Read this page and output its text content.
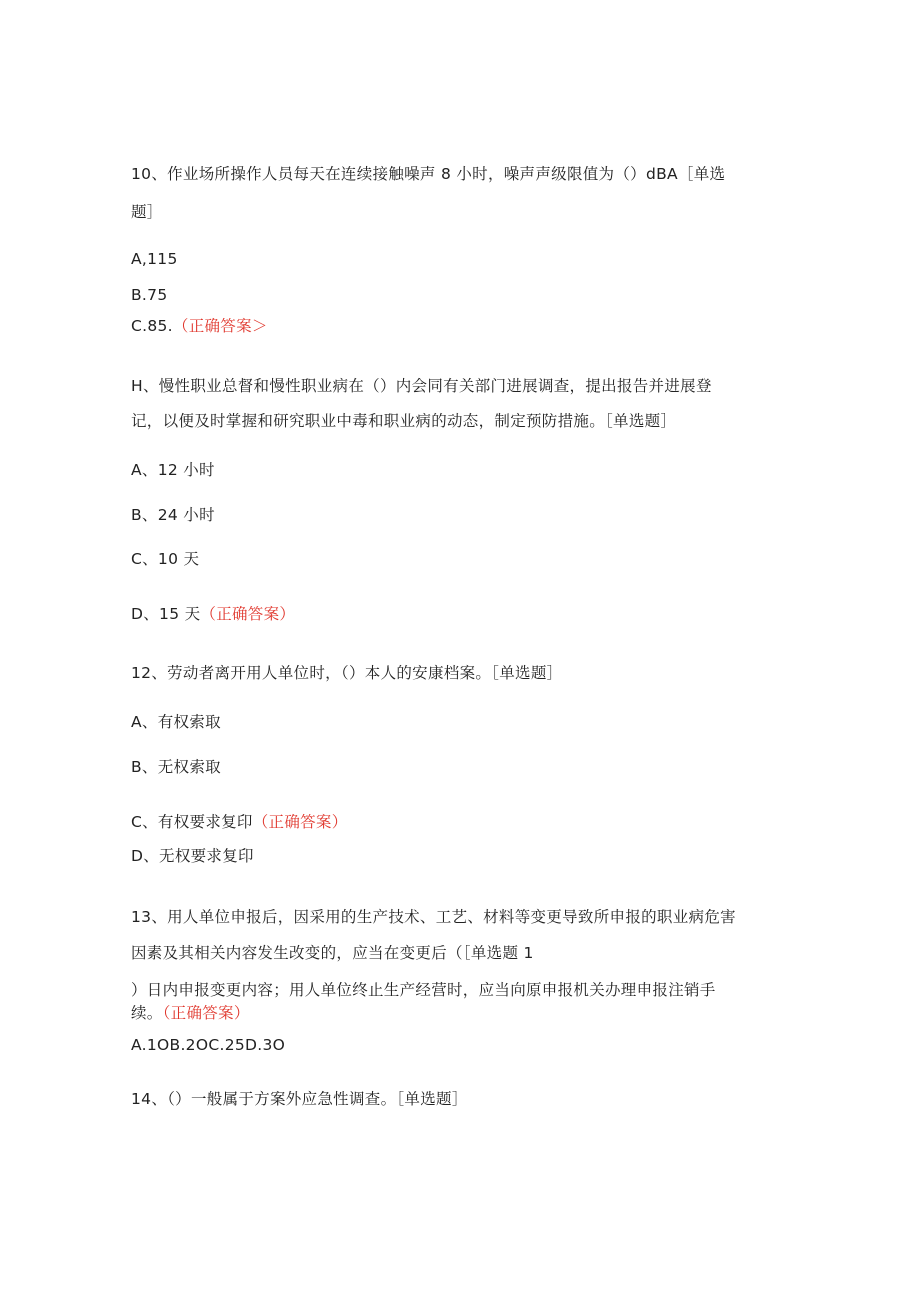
10、作业场所操作人员每天在连续接触噪声 8 小时，噪声声级限值为（）dBA［单选
题］
A,115
B.75
C.85.（正确答案＞
H、慢性职业总督和慢性职业病在（）内会同有关部门进展调查，提出报告并进展登
记，以便及时掌握和研究职业中毒和职业病的动态，制定预防措施。［单选题］
A、12 小时
B、24 小时
C、10 天
D、15 天（正确答案）
12、劳动者离开用人单位时，（）本人的安康档案。［单选题］
A、有权索取
B、无权索取
C、有权要求复印（正确答案）
D、无权要求复印
13、用人单位申报后，因采用的生产技术、工艺、材料等变更导致所申报的职业病危害
因素及其相关内容发生改变的，应当在变更后（［单选题 1
）日内申报变更内容；用人单位终止生产经营时，应当向原申报机关办理申报注销手
续。（正确答案）
A.1OB.2OC.25D.3O
14、（）一般属于方案外应急性调查。［单选题］
